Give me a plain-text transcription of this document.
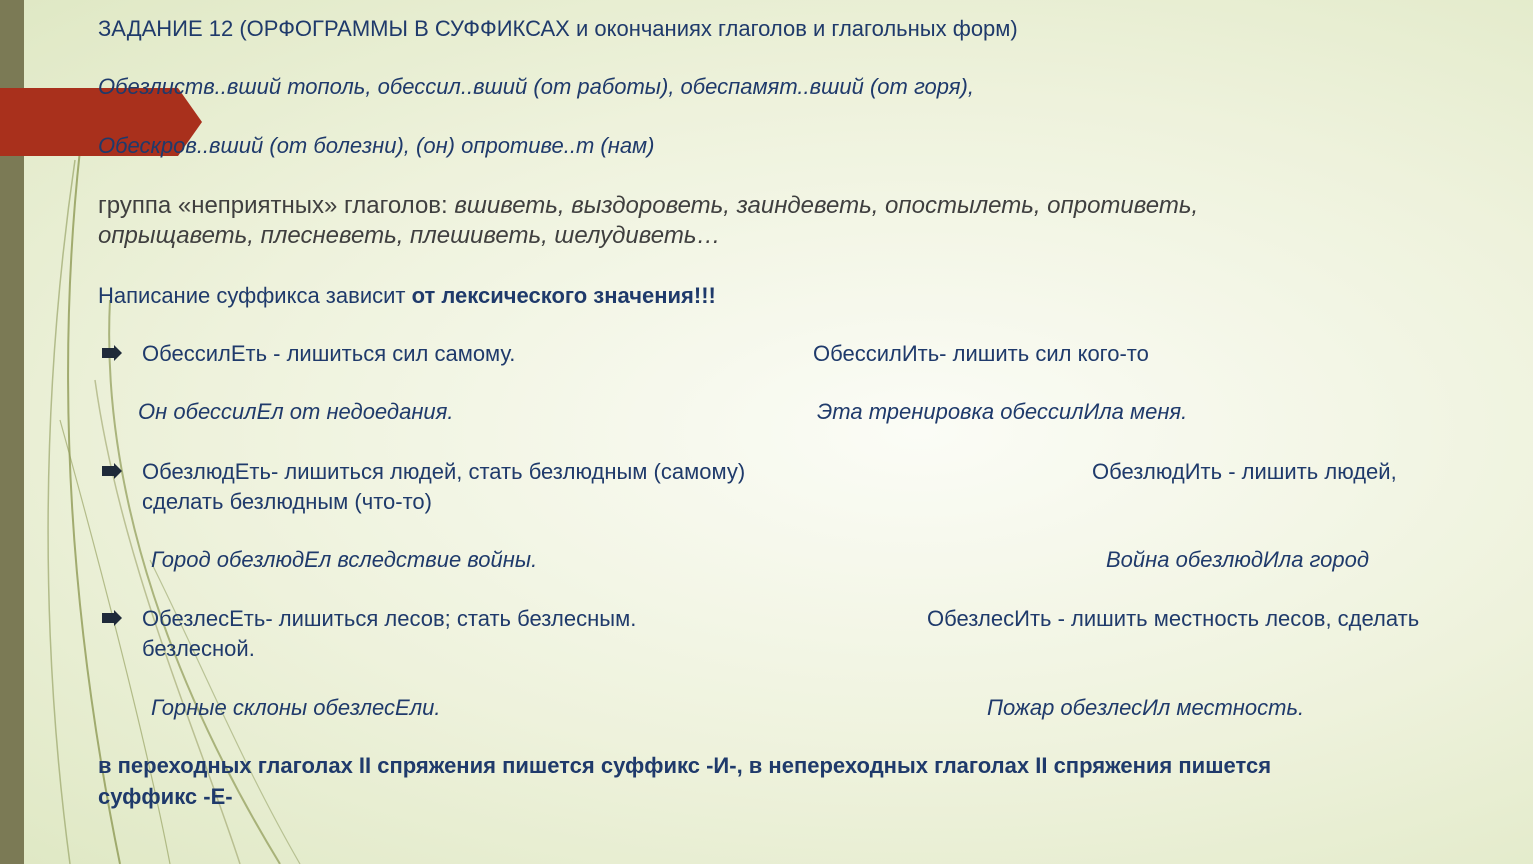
ЗАДАНИЕ 12 (ОРФОГРАММЫ В СУФФИКСАХ и окончаниях глаголов и глагольных форм)
Обезлиств..вший тополь, обессил..вший (от работы), обеспамят..вший (от горя),
Обескров..вший (от болезни), (он) опротиве..т (нам)
группа «неприятных» глаголов: вшиветь, выздороветь, заиндеветь, опостылеть, опротиветь,
опрыщаветь, плесневеть, плешиветь, шелудиветь…
Написание суффикса зависит от лексического значения!!!
ОбессилЕть - лишиться сил самому.	ОбессилИть- лишить сил кого-то
Он обессилЕл от недоедания.	Эта тренировка обессилИла меня.
ОбезлюдЕть- лишиться людей, стать безлюдным (самому)	ОбезлюдИть - лишить людей,
сделать безлюдным (что-то)
Город обезлюдЕл вследствие войны.	Война обезлюдИла город
ОбезлесЕть- лишиться лесов; стать безлесным.	ОбезлесИть - лишить местность лесов, сделать
безлесной.
Горные склоны обезлесЕли.	Пожар обезлесИл местность.
в переходных глаголах II спряжения пишется суффикс -И-, в непереходных глаголах II спряжения пишется
суффикс -Е-
